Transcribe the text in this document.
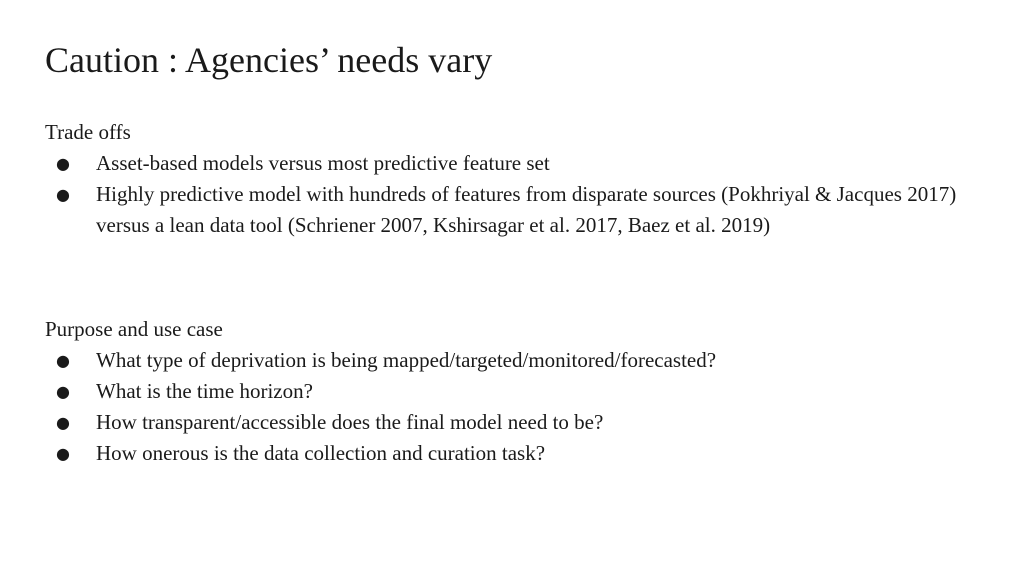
Caution : Agencies’ needs vary

Trade offs

● Asset-based models versus most predictive feature set
● Highly predictive model with hundreds of features from disparate sources (Pokhriyal & Jacques 2017) versus a lean data tool (Schriener 2007, Kshirsagar et al. 2017, Baez et al. 2019)

Purpose and use case

● What type of deprivation is being mapped/targeted/monitored/forecasted?
● What is the time horizon?
● How transparent/accessible does the final model need to be?
● How onerous is the data collection and curation task?
